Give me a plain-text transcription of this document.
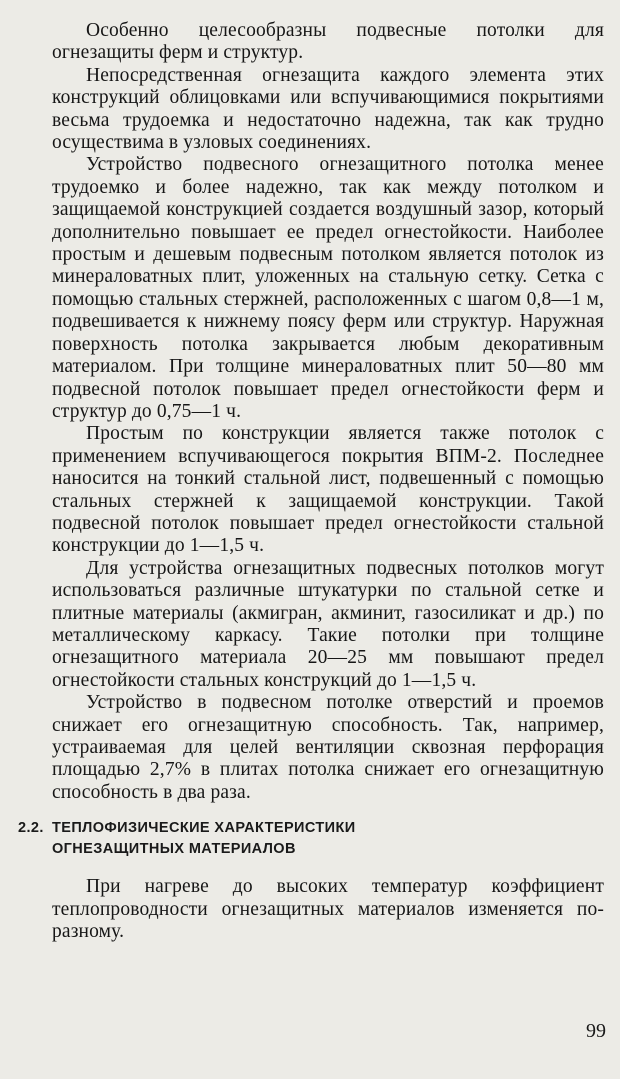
Особенно целесообразны подвесные потолки для огнезащиты ферм и структур.

Непосредственная огнезащита каждого элемента этих конструкций облицовками или вспучивающимися покрытиями весьма трудоемка и недостаточно надежна, так как трудно осуществима в узловых соединениях.

Устройство подвесного огнезащитного потолка менее трудоемко и более надежно, так как между потолком и защищаемой конструкцией создается воздушный зазор, который дополнительно повышает ее предел огнестойкости. Наиболее простым и дешевым подвесным потолком является потолок из минераловатных плит, уложенных на стальную сетку. Сетка с помощью стальных стержней, расположенных с шагом 0,8—1 м, подвешивается к нижнему поясу ферм или структур. Наружная поверхность потолка закрывается любым декоративным материалом. При толщине минераловатных плит 50—80 мм подвесной потолок повышает предел огнестойкости ферм и структур до 0,75—1 ч.

Простым по конструкции является также потолок с применением вспучивающегося покрытия ВПМ-2. Последнее наносится на тонкий стальной лист, подвешенный с помощью стальных стержней к защищаемой конструкции. Такой подвесной потолок повышает предел огнестойкости стальной конструкции до 1—1,5 ч.

Для устройства огнезащитных подвесных потолков могут использоваться различные штукатурки по стальной сетке и плитные материалы (акмигран, акминит, газосиликат и др.) по металлическому каркасу. Такие потолки при толщине огнезащитного материала 20—25 мм повышают предел огнестойкости стальных конструкций до 1—1,5 ч.

Устройство в подвесном потолке отверстий и проемов снижает его огнезащитную способность. Так, например, устраиваемая для целей вентиляции сквозная перфорация площадью 2,7% в плитах потолка снижает его огнезащитную способность в два раза.

2.2. ТЕПЛОФИЗИЧЕСКИЕ ХАРАКТЕРИСТИКИ
ОГНЕЗАЩИТНЫХ МАТЕРИАЛОВ

При нагреве до высоких температур коэффициент теплопроводности огнезащитных материалов изменяется по-разному.

99
